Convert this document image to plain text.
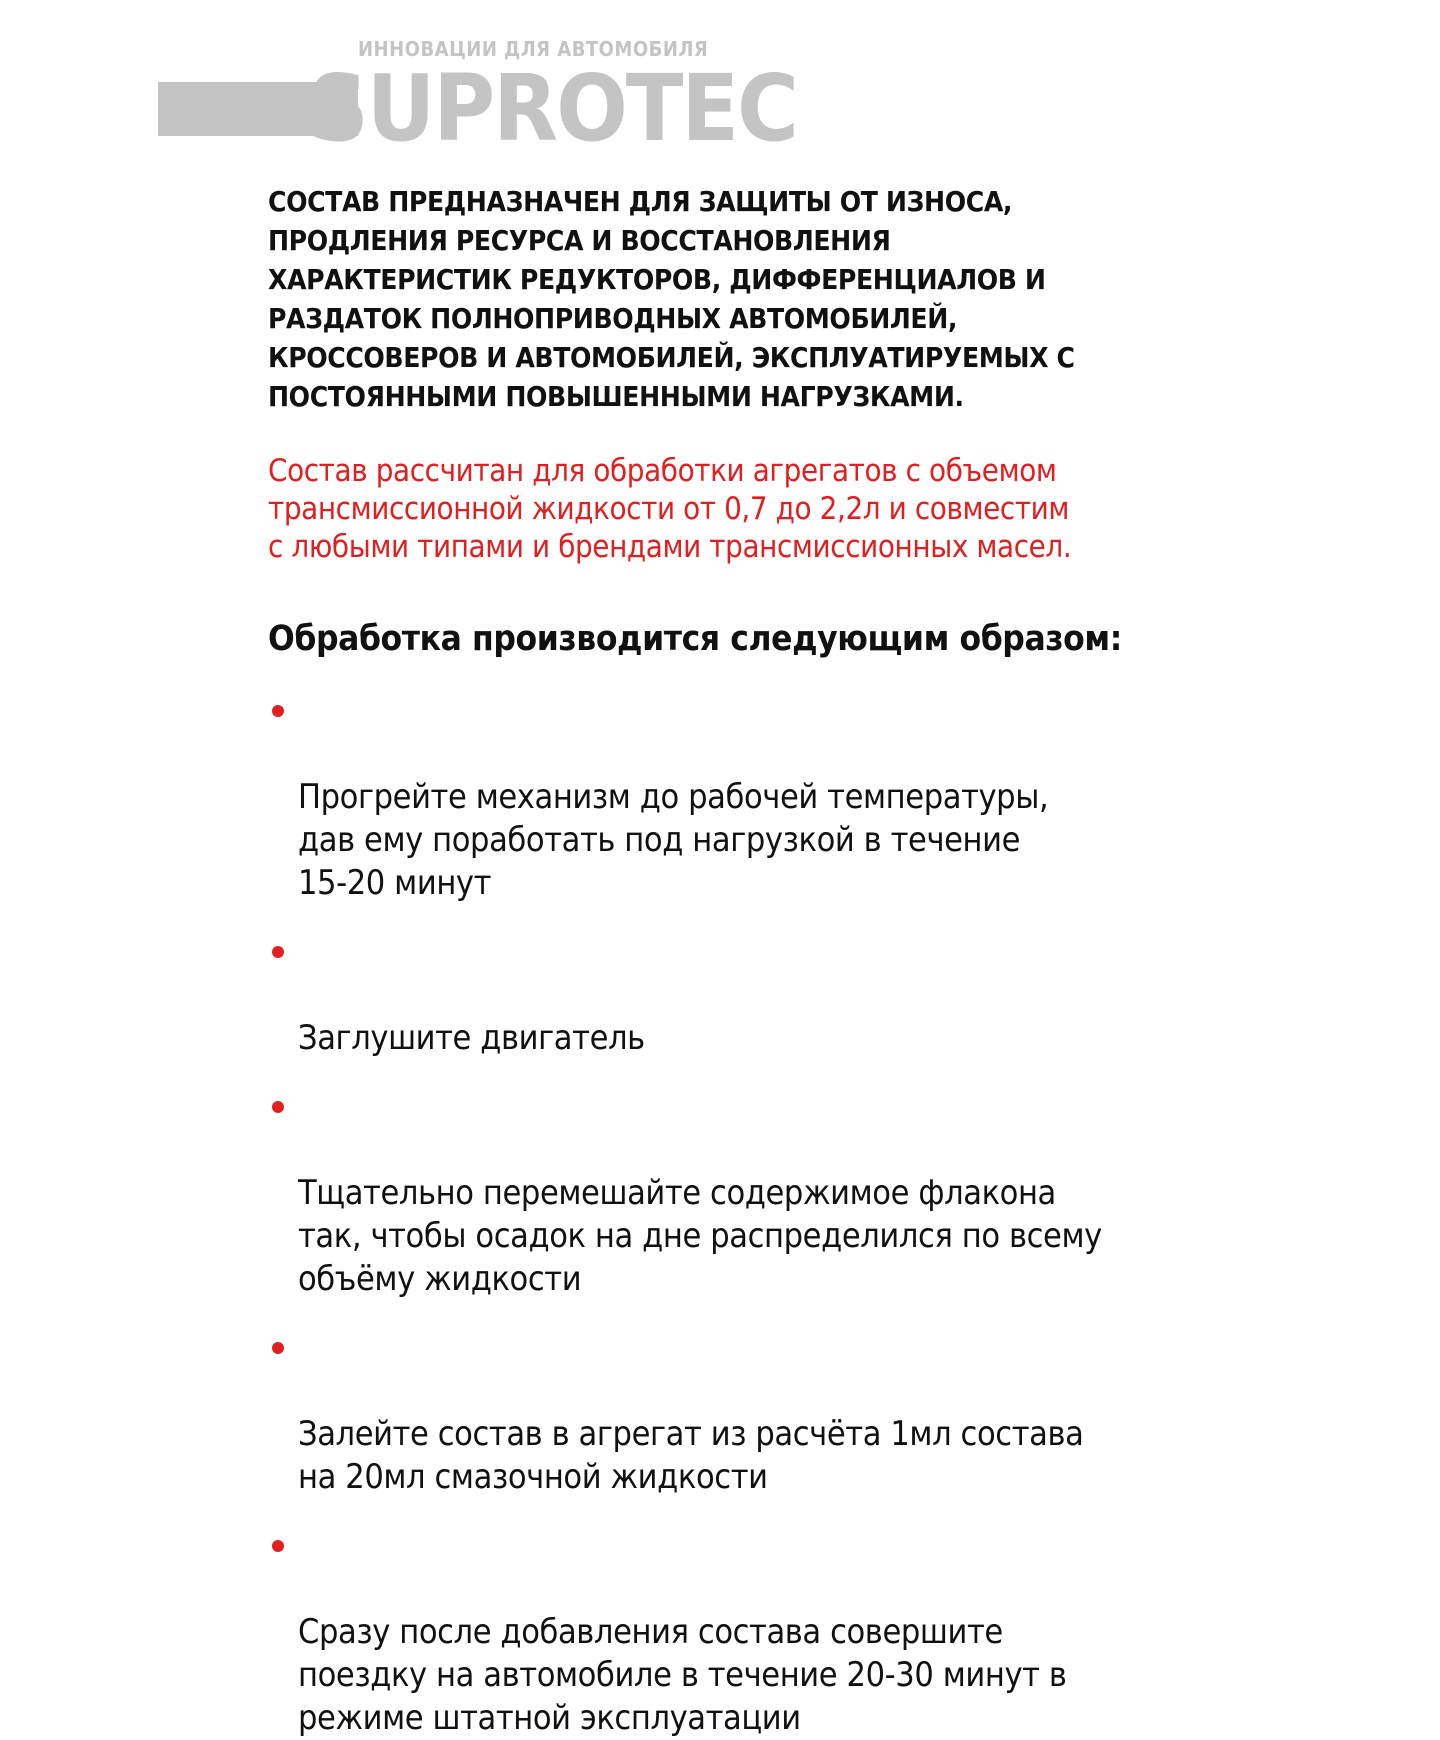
ИННОВАЦИИ ДЛЯ АВТОМОБИЛЯ
SUPROTEC
СОСТАВ ПРЕДНАЗНАЧЕН ДЛЯ ЗАЩИТЫ ОТ ИЗНОСА,
ПРОДЛЕНИЯ РЕСУРСА И ВОССТАНОВЛЕНИЯ
ХАРАКТЕРИСТИК РЕДУКТОРОВ, ДИФФЕРЕНЦИАЛОВ И
РАЗДАТОК ПОЛНОПРИВОДНЫХ АВТОМОБИЛЕЙ,
КРОССОВЕРОВ И АВТОМОБИЛЕЙ, ЭКСПЛУАТИРУЕМЫХ С
ПОСТОЯННЫМИ ПОВЫШЕННЫМИ НАГРУЗКАМИ.
Состав рассчитан для обработки агрегатов с объемом
трансмиссионной жидкости от 0,7 до 2,2л и совместим
с любыми типами и брендами трансмиссионных масел.
Обработка производится следующим образом:

Прогрейте механизм до рабочей температуры,
дав ему поработать под нагрузкой в течение
15-20 минут

Заглушите двигатель

Тщательно перемешайте содержимое флакона
так, чтобы осадок на дне распределился по всему
объёму жидкости

Залейте состав в агрегат из расчёта 1мл состава
на 20мл смазочной жидкости

Сразу после добавления состава совершите
поездку на автомобиле в течение 20-30 минут в
режиме штатной эксплуатации
